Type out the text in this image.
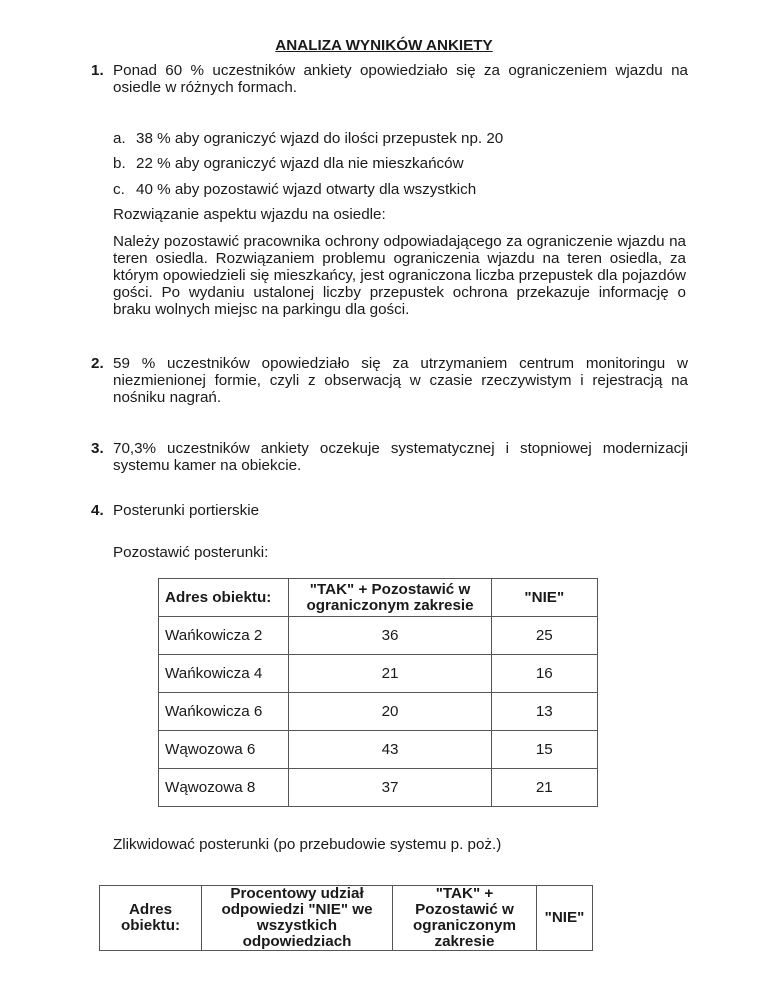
ANALIZA WYNIKÓW ANKIETY
1. Ponad 60 % uczestników ankiety opowiedziało się za ograniczeniem wjazdu na osiedle w różnych formach.
a. 38 % aby ograniczyć wjazd do ilości przepustek np. 20
b. 22 % aby ograniczyć wjazd dla nie mieszkańców
c. 40 % aby pozostawić wjazd otwarty dla wszystkich
Rozwiązanie aspektu wjazdu na osiedle:
Należy pozostawić pracownika ochrony odpowiadającego za ograniczenie wjazdu na teren osiedla. Rozwiązaniem problemu ograniczenia wjazdu na teren osiedla, za którym opowiedzieli się mieszkańcy, jest ograniczona liczba przepustek dla pojazdów gości. Po wydaniu ustalonej liczby przepustek ochrona przekazuje informację o braku wolnych miejsc na parkingu dla gości.
2. 59 % uczestników opowiedziało się za utrzymaniem centrum monitoringu w niezmienionej formie, czyli z obserwacją w czasie rzeczywistym i rejestracją na nośniku nagrań.
3. 70,3% uczestników ankiety oczekuje systematycznej i stopniowej modernizacji systemu kamer na obiekcie.
4. Posterunki portierskie
Pozostawić posterunki:
Adres obiektu:	"TAK" + Pozostawić w ograniczonym zakresie	"NIE"
Wańkowicza 2	36	25
Wańkowicza 4	21	16
Wańkowicza 6	20	13
Wąwozowa 6	43	15
Wąwozowa 8	37	21
Zlikwidować posterunki (po przebudowie systemu p. poż.)
Adres obiektu:	Procentowy udział odpowiedzi "NIE" we wszystkich odpowiedziach	"TAK" + Pozostawić w ograniczonym zakresie	"NIE"
